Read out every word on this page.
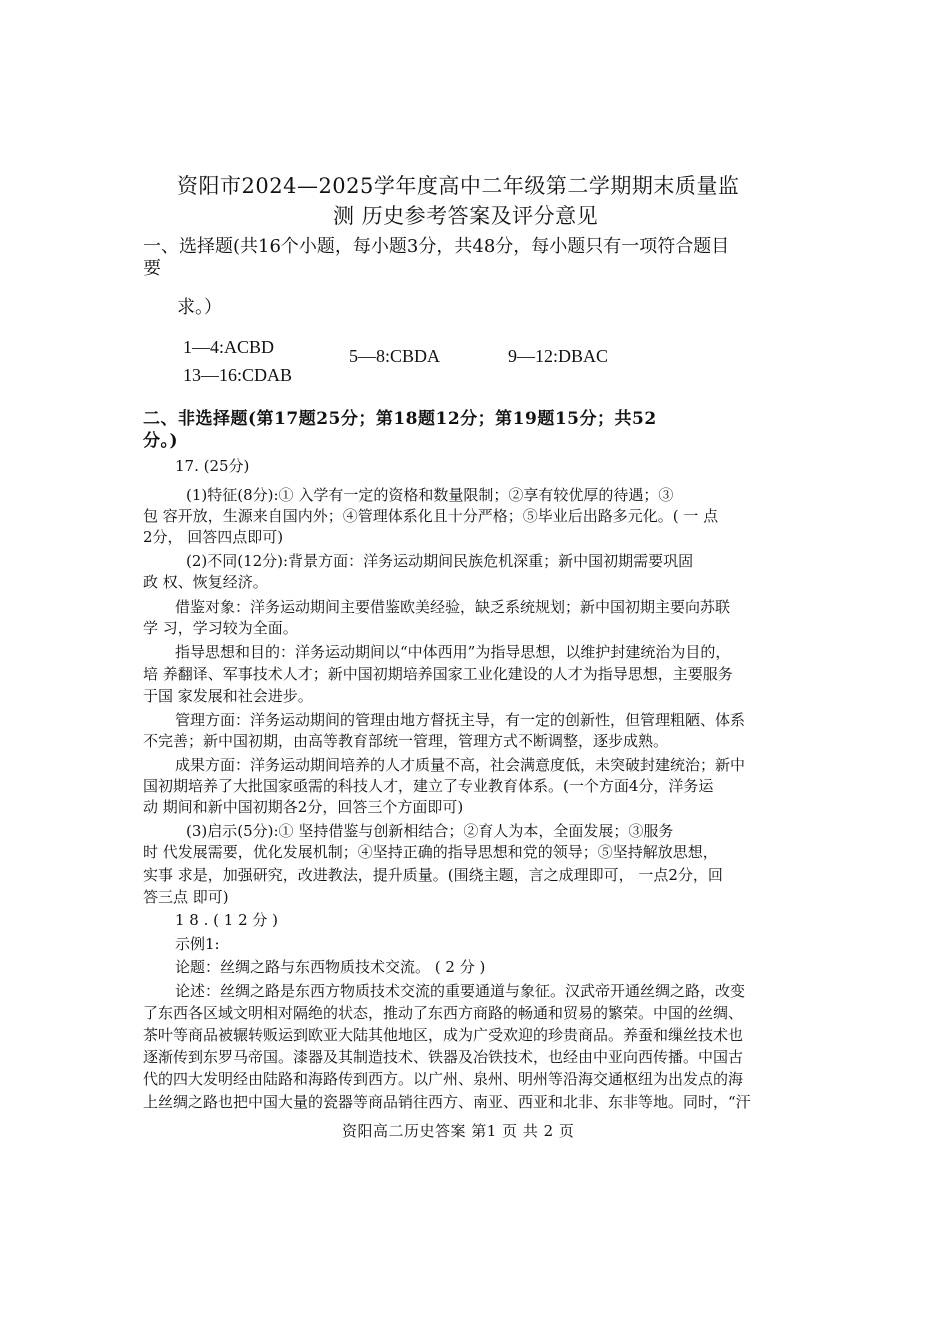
资阳市2024—2025学年度高中二年级第二学期期末质量监
测 历史参考答案及评分意见
一、选择题(共16个小题，每小题3分，共48分，每小题只有一项符合题目
要
求。）
1—4:ACBD	5—8:CBDA	9—12:DBAC
13—16:CDAB
二、非选择题(第17题25分；第18题12分；第19题15分；共52
分。)
17. (25分)
(1)特征(8分):① 入学有一定的资格和数量限制；②享有较优厚的待遇；③
包 容开放，生源来自国内外；④管理体系化且十分严格；⑤毕业后出路多元化。( 一 点
2分， 回答四点即可)
(2)不同(12分):背景方面：洋务运动期间民族危机深重；新中国初期需要巩固
政 权、恢复经济。
借鉴对象：洋务运动期间主要借鉴欧美经验，缺乏系统规划；新中国初期主要向苏联
学 习，学习较为全面。
指导思想和目的：洋务运动期间以“中体西用”为指导思想，以维护封建统治为目的，
培 养翻译、军事技术人才；新中国初期培养国家工业化建设的人才为指导思想，主要服务
于国 家发展和社会进步。
管理方面：洋务运动期间的管理由地方督抚主导，有一定的创新性，但管理粗陋、体系
不完善；新中国初期，由高等教育部统一管理，管理方式不断调整，逐步成熟。
成果方面：洋务运动期间培养的人才质量不高，社会满意度低，未突破封建统治；新中
国初期培养了大批国家亟需的科技人才，建立了专业教育体系。(一个方面4分，洋务运
动 期间和新中国初期各2分，回答三个方面即可)
(3)启示(5分):① 坚持借鉴与创新相结合；②育人为本，全面发展；③服务
时 代发展需要，优化发展机制；④坚持正确的指导思想和党的领导；⑤坚持解放思想，
实事 求是，加强研究，改进教法，提升质量。(围绕主题，言之成理即可， 一点2分，回
答三点 即可)
1 8 . ( 1 2 分 )
示例1:
论题：丝绸之路与东西物质技术交流。 ( 2 分 )
论述：丝绸之路是东西方物质技术交流的重要通道与象征。汉武帝开通丝绸之路，改变
了东西各区域文明相对隔绝的状态，推动了东西方商路的畅通和贸易的繁荣。中国的丝绸、
茶叶等商品被辗转贩运到欧亚大陆其他地区，成为广受欢迎的珍贵商品。养蚕和缫丝技术也
逐渐传到东罗马帝国。漆器及其制造技术、铁器及冶铁技术，也经由中亚向西传播。中国古
代的四大发明经由陆路和海路传到西方。以广州、泉州、明州等沿海交通枢纽为出发点的海
上丝绸之路也把中国大量的瓷器等商品销往西方、南亚、西亚和北非、东非等地。同时，“汗
资阳高二历史答案 第1 页 共 2 页
